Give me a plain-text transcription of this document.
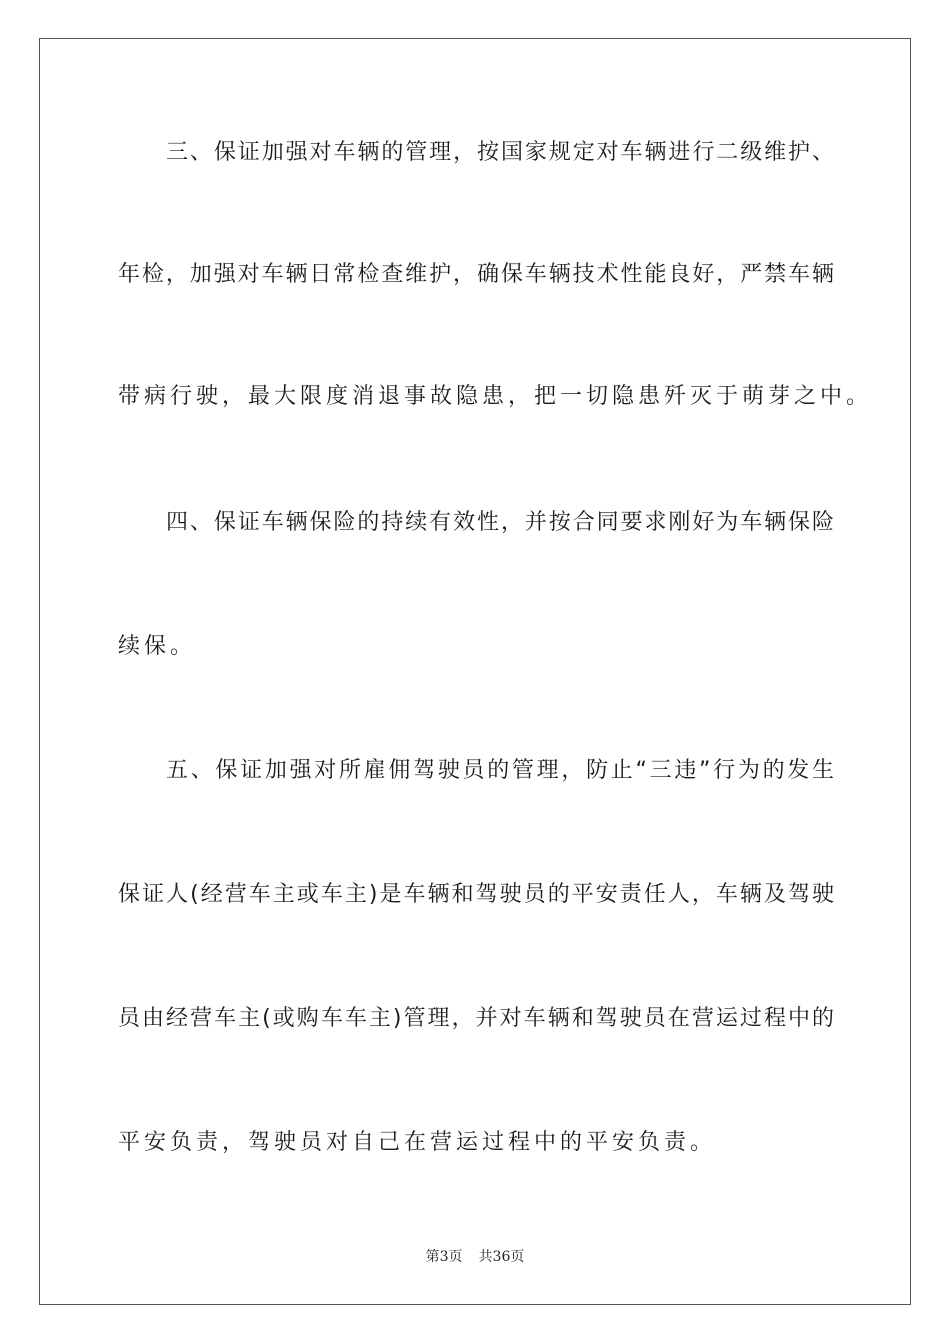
三、保证加强对车辆的管理，按国家规定对车辆进行二级维护、
年检，加强对车辆日常检查维护，确保车辆技术性能良好，严禁车辆
带病行驶，最大限度消退事故隐患，把一切隐患歼灭于萌芽之中。
四、保证车辆保险的持续有效性，并按合同要求刚好为车辆保险
续保。
五、保证加强对所雇佣驾驶员的管理，防止“三违”行为的发生
保证人(经营车主或车主)是车辆和驾驶员的平安责任人，车辆及驾驶
员由经营车主(或购车车主)管理，并对车辆和驾驶员在营运过程中的
平安负责，驾驶员对自己在营运过程中的平安负责。
第3页 共36页
